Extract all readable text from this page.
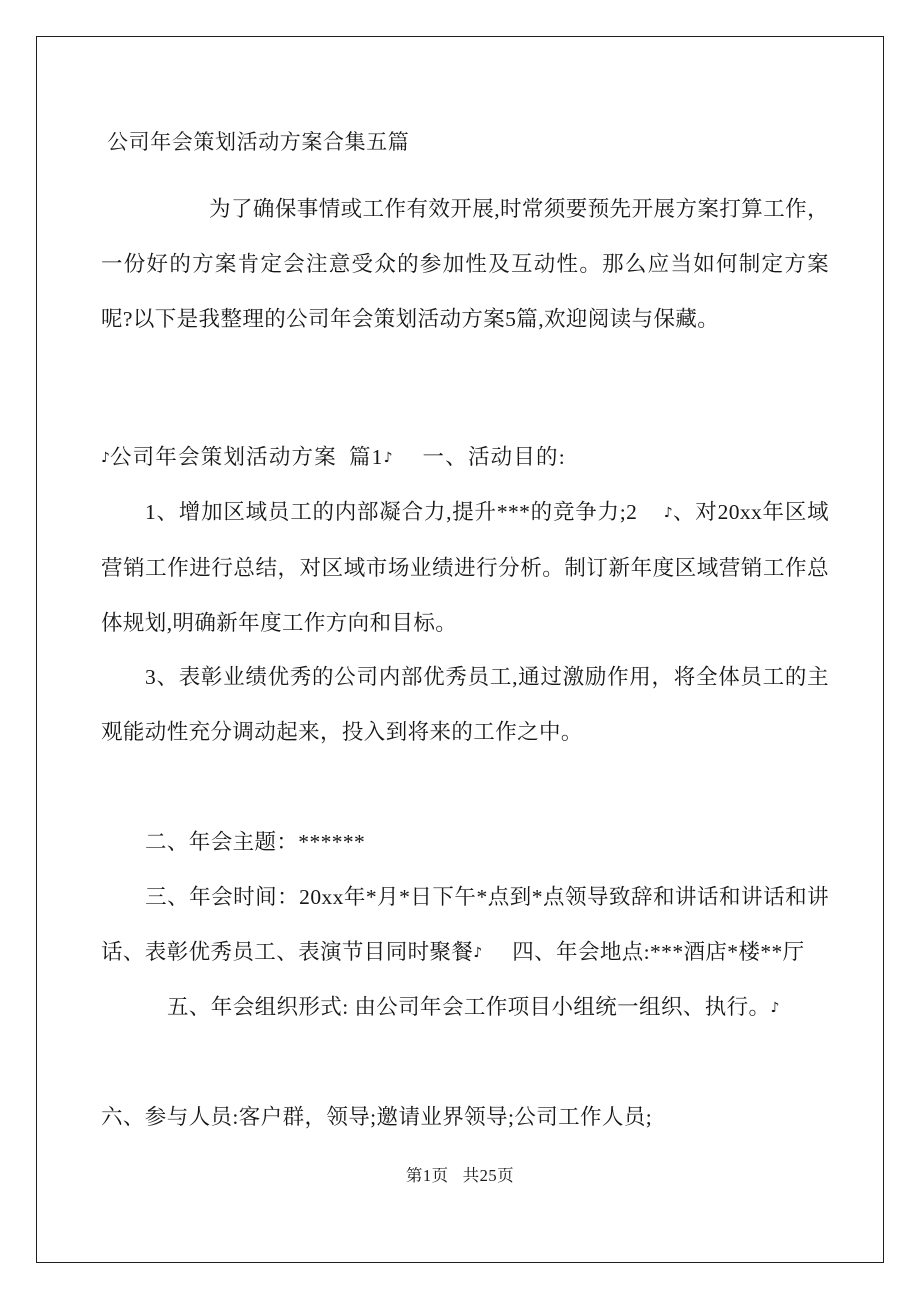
公司年会策划活动方案合集五篇
为了确保事情或工作有效开展,时常须要预先开展方案打算工作，一份好的方案肯定会注意受众的参加性及互动性。那么应当如何制定方案呢?以下是我整理的公司年会策划活动方案5篇,欢迎阅读与保藏。
♪公司年会策划活动方案 篇1♪ 一、活动目的:
1、增加区域员工的内部凝合力,提升***的竞争力;2 ♪、对20xx年区域营销工作进行总结，对区域市场业绩进行分析。制订新年度区域营销工作总体规划,明确新年度工作方向和目标。
3、表彰业绩优秀的公司内部优秀员工,通过激励作用，将全体员工的主观能动性充分调动起来，投入到将来的工作之中。
二、年会主题：******
三、年会时间：20xx年*月*日下午*点到*点领导致辞和讲话和讲话和讲话、表彰优秀员工、表演节目同时聚餐♪ 四、年会地点:***酒店*楼**厅
五、年会组织形式: 由公司年会工作项目小组统一组织、执行。♪
六、参与人员:客户群，领导;邀请业界领导;公司工作人员;
第1页 共25页
